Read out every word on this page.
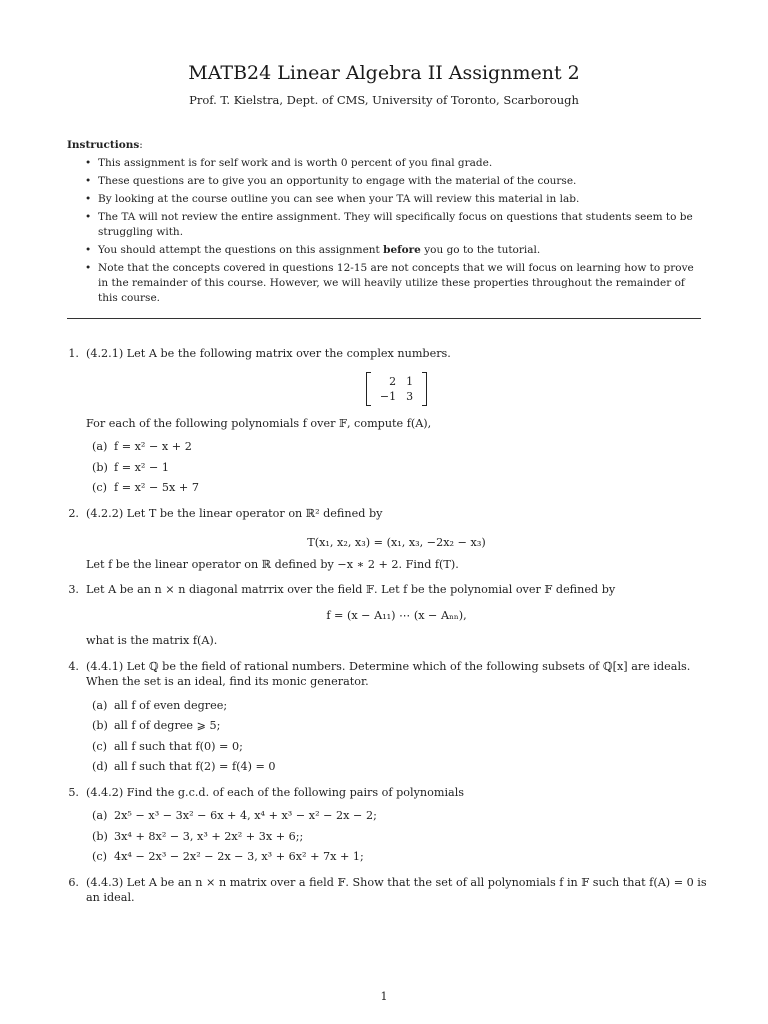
MATB24 Linear Algebra II Assignment 2
Prof. T. Kielstra, Dept. of CMS, University of Toronto, Scarborough
Instructions:
• This assignment is for self work and is worth 0 percent of you final grade.
• These questions are to give you an opportunity to engage with the material of the course.
• By looking at the course outline you can see when your TA will review this material in lab.
• The TA will not review the entire assignment. They will specifically focus on questions that students seem to be struggling with.
• You should attempt the questions on this assignment before you go to the tutorial.
• Note that the concepts covered in questions 12-15 are not concepts that we will focus on learning how to prove in the remainder of this course. However, we will heavily utilize these properties throughout the remainder of this course.
1. (4.2.1) Let A be the following matrix over the complex numbers.
2	1
−1	3
For each of the following polynomials f over 𝔽, compute f(A),
(a) f = x² − x + 2
(b) f = x² − 1
(c) f = x² − 5x + 7
2. (4.2.2) Let T be the linear operator on ℝ² defined by
T(x₁, x₂, x₃) = (x₁, x₃, −2x₂ − x₃)
Let f be the linear operator on ℝ defined by −x ∗ 2 + 2. Find f(T).
3. Let A be an n × n diagonal matrrix over the field 𝔽. Let f be the polynomial over 𝔽 defined by
f = (x − A₁₁) ⋯ (x − Aₙₙ),
what is the matrix f(A).
4. (4.4.1) Let ℚ be the field of rational numbers. Determine which of the following subsets of ℚ[x] are ideals. When the set is an ideal, find its monic generator.
(a) all f of even degree;
(b) all f of degree ⩾ 5;
(c) all f such that f(0) = 0;
(d) all f such that f(2) = f(4) = 0
5. (4.4.2) Find the g.c.d. of each of the following pairs of polynomials
(a) 2x⁵ − x³ − 3x² − 6x + 4, x⁴ + x³ − x² − 2x − 2;
(b) 3x⁴ + 8x² − 3, x³ + 2x² + 3x + 6;;
(c) 4x⁴ − 2x³ − 2x² − 2x − 3, x³ + 6x² + 7x + 1;
6. (4.4.3) Let A be an n × n matrix over a field 𝔽. Show that the set of all polynomials f in 𝔽 such that f(A) = 0 is an ideal.
1
